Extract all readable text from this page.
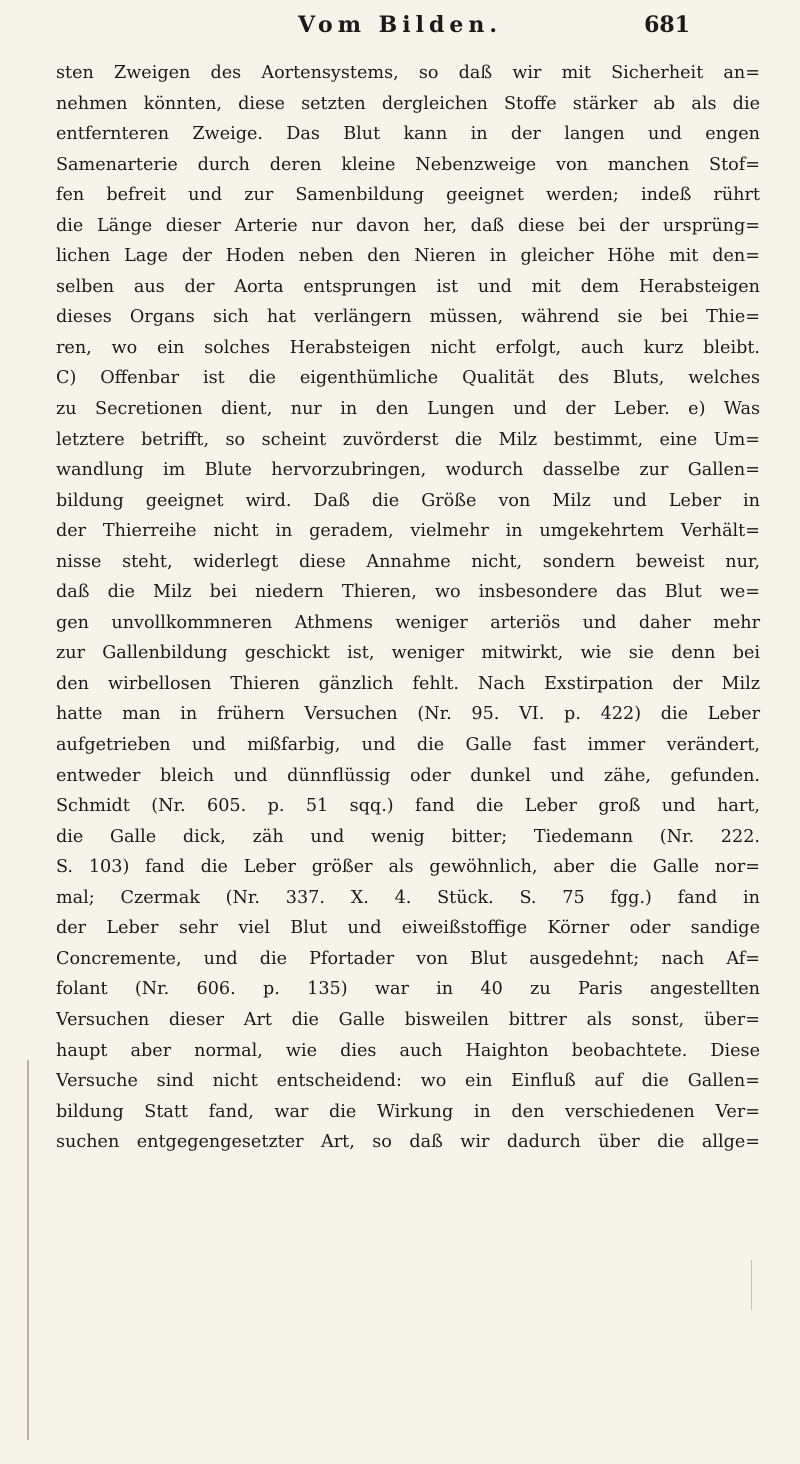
Vom Bilden.	681
sten Zweigen des Aortensystems, so daß wir mit Sicherheit an=
nehmen könnten, diese setzten dergleichen Stoffe stärker ab als die
entfernteren Zweige. Das Blut kann in der langen und engen
Samenarterie durch deren kleine Nebenzweige von manchen Stof=
fen befreit und zur Samenbildung geeignet werden; indeß rührt
die Länge dieser Arterie nur davon her, daß diese bei der ursprüng=
lichen Lage der Hoden neben den Nieren in gleicher Höhe mit den=
selben aus der Aorta entsprungen ist und mit dem Herabsteigen
dieses Organs sich hat verlängern müssen, während sie bei Thie=
ren, wo ein solches Herabsteigen nicht erfolgt, auch kurz bleibt.
C) Offenbar ist die eigenthümliche Qualität des Bluts, welches
zu Secretionen dient, nur in den Lungen und der Leber. e) Was
letztere betrifft, so scheint zuvörderst die Milz bestimmt, eine Um=
wandlung im Blute hervorzubringen, wodurch dasselbe zur Gallen=
bildung geeignet wird. Daß die Größe von Milz und Leber in
der Thierreihe nicht in geradem, vielmehr in umgekehrtem Verhält=
nisse steht, widerlegt diese Annahme nicht, sondern beweist nur,
daß die Milz bei niedern Thieren, wo insbesondere das Blut we=
gen unvollkommneren Athmens weniger arteriös und daher mehr
zur Gallenbildung geschickt ist, weniger mitwirkt, wie sie denn bei
den wirbellosen Thieren gänzlich fehlt. Nach Exstirpation der Milz
hatte man in frühern Versuchen (Nr. 95. VI. p. 422) die Leber
aufgetrieben und mißfarbig, und die Galle fast immer verändert,
entweder bleich und dünnflüssig oder dunkel und zähe, gefunden.
Schmidt (Nr. 605. p. 51 sqq.) fand die Leber groß und hart,
die Galle dick, zäh und wenig bitter; Tiedemann (Nr. 222.
S. 103) fand die Leber größer als gewöhnlich, aber die Galle nor=
mal; Czermak (Nr. 337. X. 4. Stück. S. 75 fgg.) fand in
der Leber sehr viel Blut und eiweißstoffige Körner oder sandige
Concremente, und die Pfortader von Blut ausgedehnt; nach Af=
folant (Nr. 606. p. 135) war in 40 zu Paris angestellten
Versuchen dieser Art die Galle bisweilen bittrer als sonst, über=
haupt aber normal, wie dies auch Haighton beobachtete. Diese
Versuche sind nicht entscheidend: wo ein Einfluß auf die Gallen=
bildung Statt fand, war die Wirkung in den verschiedenen Ver=
suchen entgegengesetzter Art, so daß wir dadurch über die allge=
